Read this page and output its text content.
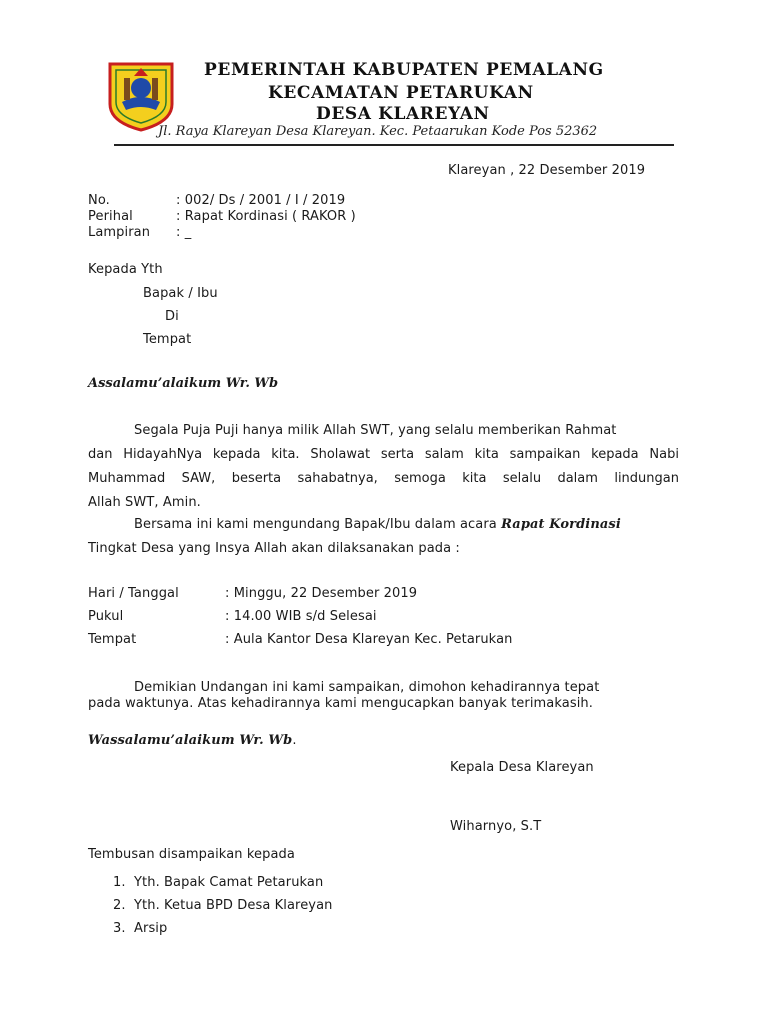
PEMERINTAH KABUPATEN PEMALANG
KECAMATAN PETARUKAN
DESA KLAREYAN
Jl. Raya Klareyan Desa Klareyan. Kec. Petaarukan Kode Pos 52362
Klareyan , 22 Desember 2019
No.	: 002/ Ds / 2001 / I / 2019
Perihal	: Rapat Kordinasi ( RAKOR )
Lampiran : _
Kepada Yth
Bapak / Ibu
Di
Tempat
Assalamu’alaikum Wr. Wb
Segala Puja Puji hanya milik Allah SWT, yang selalu memberikan Rahmat
dan HidayahNya kepada kita. Sholawat serta salam kita sampaikan kepada Nabi
Muhammad SAW, beserta sahabatnya, semoga kita selalu dalam lindungan
Allah SWT, Amin.
Bersama ini kami mengundang Bapak/Ibu dalam acara Rapat Kordinasi
Tingkat Desa yang Insya Allah akan dilaksanakan pada :
Hari / Tanggal	: Minggu, 22 Desember 2019
Pukul	: 14.00 WIB s/d Selesai
Tempat	: Aula Kantor Desa Klareyan Kec. Petarukan
Demikian Undangan ini kami sampaikan, dimohon kehadirannya tepat
pada waktunya. Atas kehadirannya kami mengucapkan banyak terimakasih.
Wassalamu’alaikum Wr. Wb.
Kepala Desa Klareyan
Wiharnyo, S.T
Tembusan disampaikan kepada
1. Yth. Bapak Camat Petarukan
2. Yth. Ketua BPD Desa Klareyan
3. Arsip
